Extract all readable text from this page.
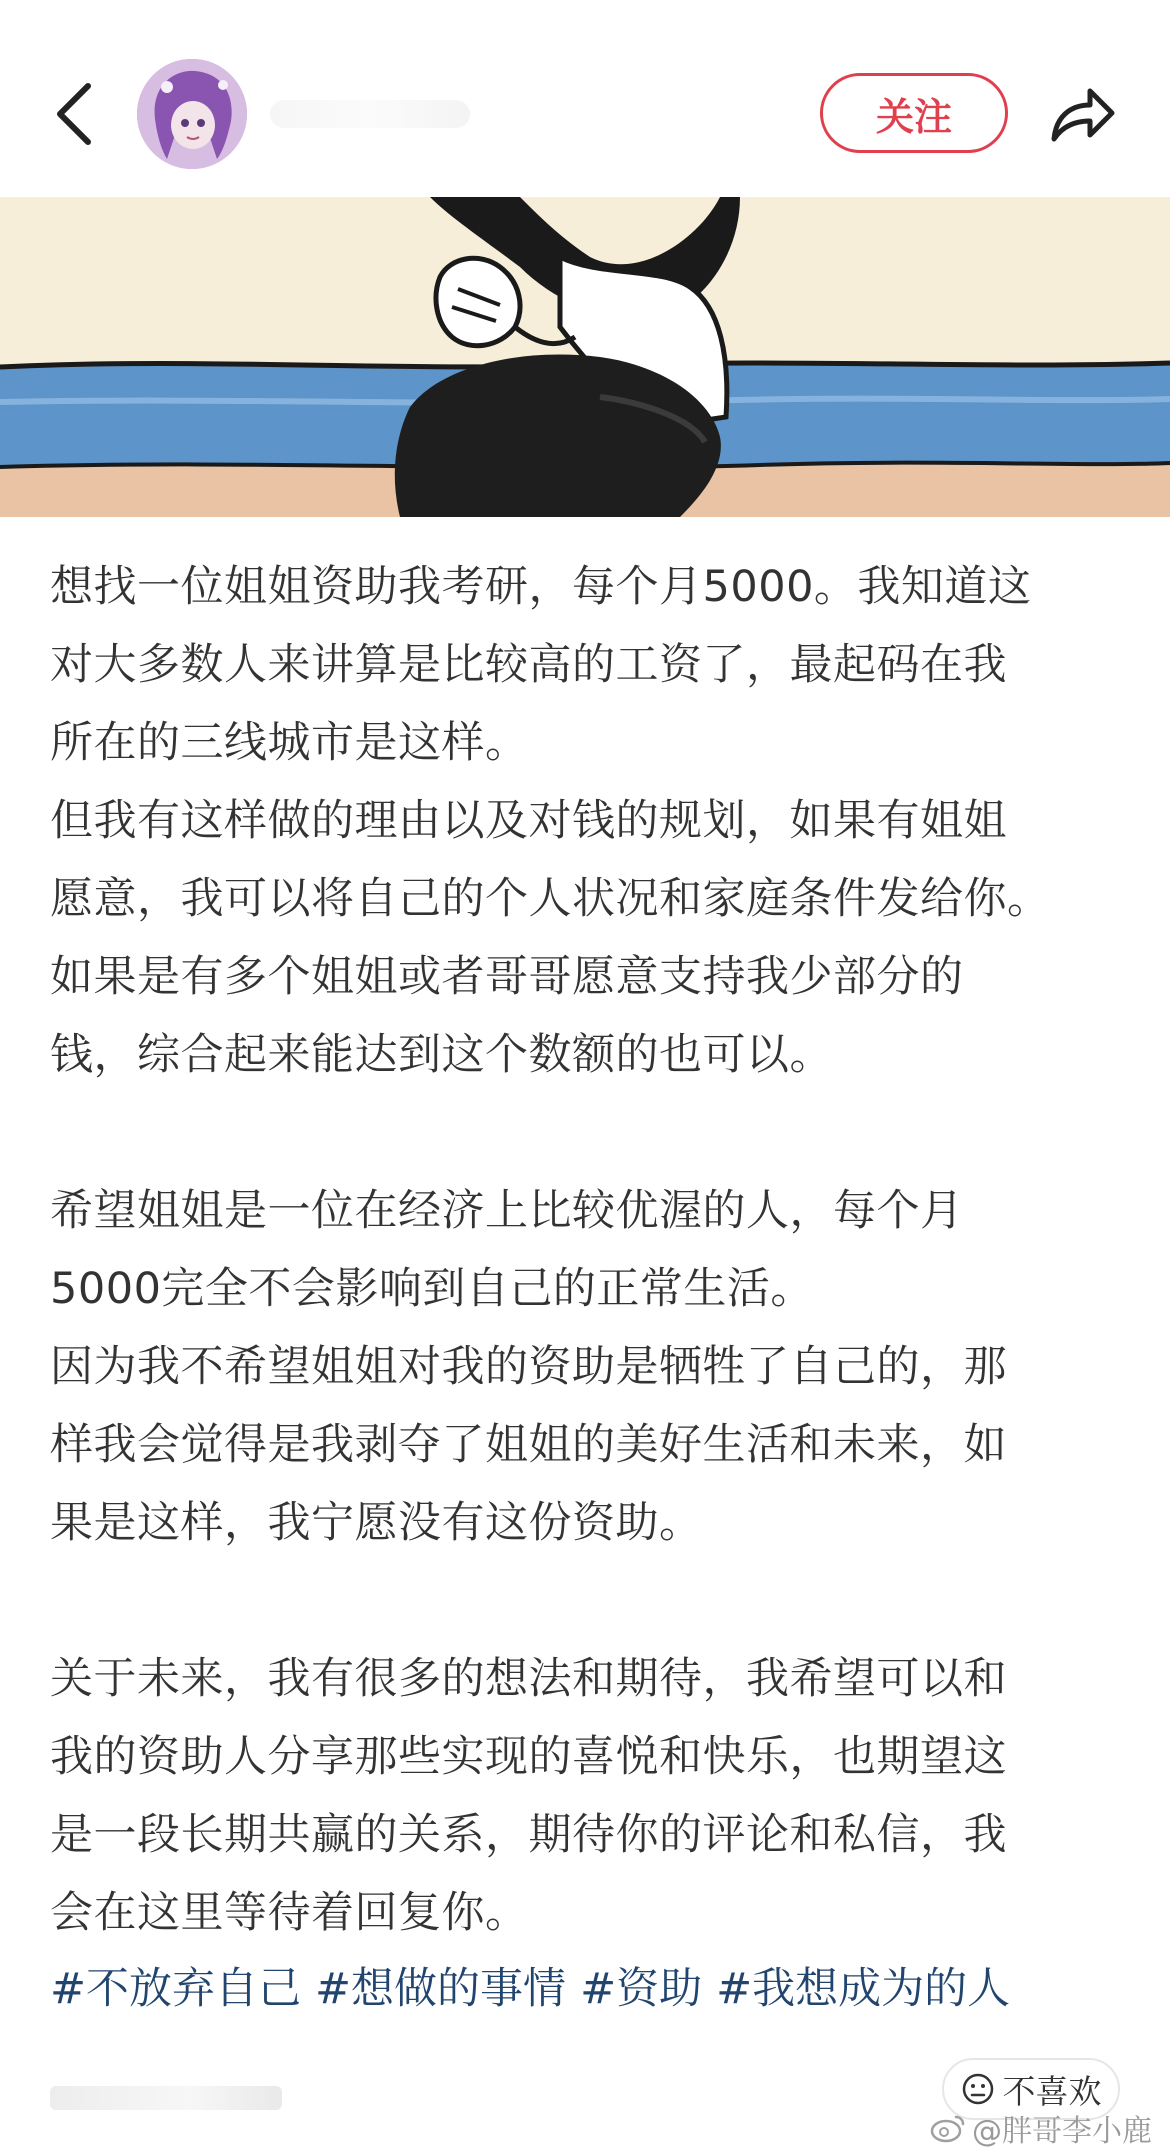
关注

想找一位姐姐资助我考研，每个月5000。我知道这
对大多数人来讲算是比较高的工资了，最起码在我
所在的三线城市是这样。
但我有这样做的理由以及对钱的规划，如果有姐姐
愿意，我可以将自己的个人状况和家庭条件发给你。
如果是有多个姐姐或者哥哥愿意支持我少部分的
钱，综合起来能达到这个数额的也可以。

希望姐姐是一位在经济上比较优渥的人，每个月
5000完全不会影响到自己的正常生活。
因为我不希望姐姐对我的资助是牺牲了自己的，那
样我会觉得是我剥夺了姐姐的美好生活和未来，如
果是这样，我宁愿没有这份资助。

关于未来，我有很多的想法和期待，我希望可以和
我的资助人分享那些实现的喜悦和快乐，也期望这
是一段长期共赢的关系，期待你的评论和私信，我
会在这里等待着回复你。

#不放弃自己 #想做的事情 #资助 #我想成为的人
不喜欢
@胖哥李小鹿
